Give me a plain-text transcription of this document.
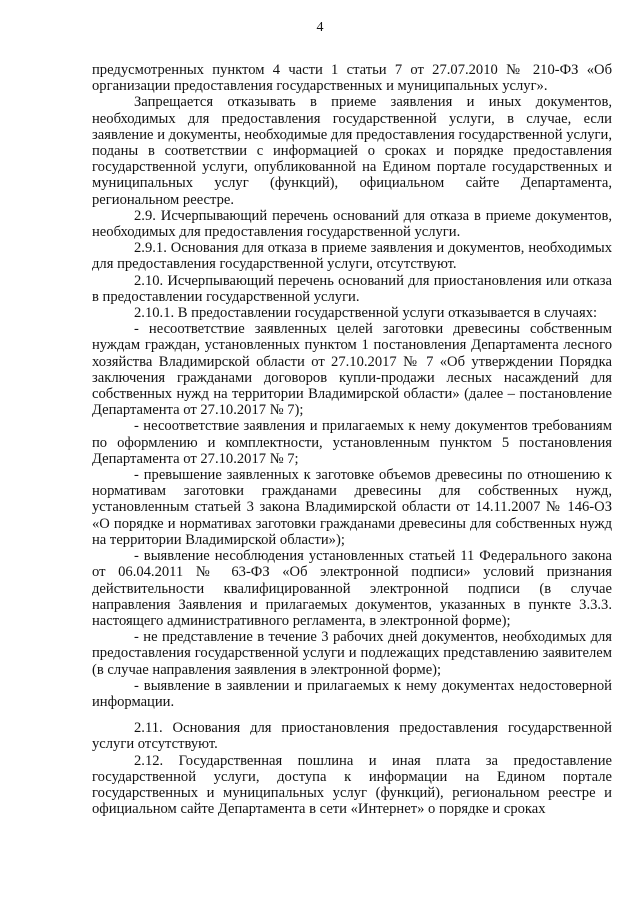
4

предусмотренных пунктом 4 части 1 статьи 7 от 27.07.2010 № 210-ФЗ «Об организации предоставления государственных и муниципальных услуг».

Запрещается отказывать в приеме заявления и иных документов, необходимых для предоставления государственной услуги, в случае, если заявление и документы, необходимые для предоставления государственной услуги, поданы в соответствии с информацией о сроках и порядке предоставления государственной услуги, опубликованной на Едином портале государственных и муниципальных услуг (функций), официальном сайте Департамента, региональном реестре.

2.9. Исчерпывающий перечень оснований для отказа в приеме документов, необходимых для предоставления государственной услуги.

2.9.1. Основания для отказа в приеме заявления и документов, необходимых для предоставления государственной услуги, отсутствуют.

2.10. Исчерпывающий перечень оснований для приостановления или отказа в предоставлении государственной услуги.

2.10.1. В предоставлении государственной услуги отказывается в случаях:

- несоответствие заявленных целей заготовки древесины собственным нуждам граждан, установленных пунктом 1 постановления Департамента лесного хозяйства Владимирской области от 27.10.2017 № 7 «Об утверждении Порядка заключения гражданами договоров купли-продажи лесных насаждений для собственных нужд на территории Владимирской области» (далее – постановление Департамента от 27.10.2017 № 7);

- несоответствие заявления и прилагаемых к нему документов требованиям по оформлению и комплектности, установленным пунктом 5 постановления Департамента от 27.10.2017 № 7;

- превышение заявленных к заготовке объемов древесины по отношению к нормативам заготовки гражданами древесины для собственных нужд, установленным статьей 3 закона Владимирской области от 14.11.2007 № 146-ОЗ «О порядке и нормативах заготовки гражданами древесины для собственных нужд на территории Владимирской области»);

- выявление несоблюдения установленных статьей 11 Федерального закона от 06.04.2011 № 63-ФЗ «Об электронной подписи» условий признания действительности квалифицированной электронной подписи (в случае направления Заявления и прилагаемых документов, указанных в пункте 3.3.3. настоящего административного регламента, в электронной форме);

- не представление в течение 3 рабочих дней документов, необходимых для предоставления государственной услуги и подлежащих представлению заявителем (в случае направления заявления в электронной форме);

- выявление в заявлении и прилагаемых к нему документах недостоверной информации.

2.11. Основания для приостановления предоставления государственной услуги отсутствуют.

2.12. Государственная пошлина и иная плата за предоставление государственной услуги, доступа к информации на Едином портале государственных и муниципальных услуг (функций), региональном реестре и официальном сайте Департамента в сети «Интернет» о порядке и сроках
